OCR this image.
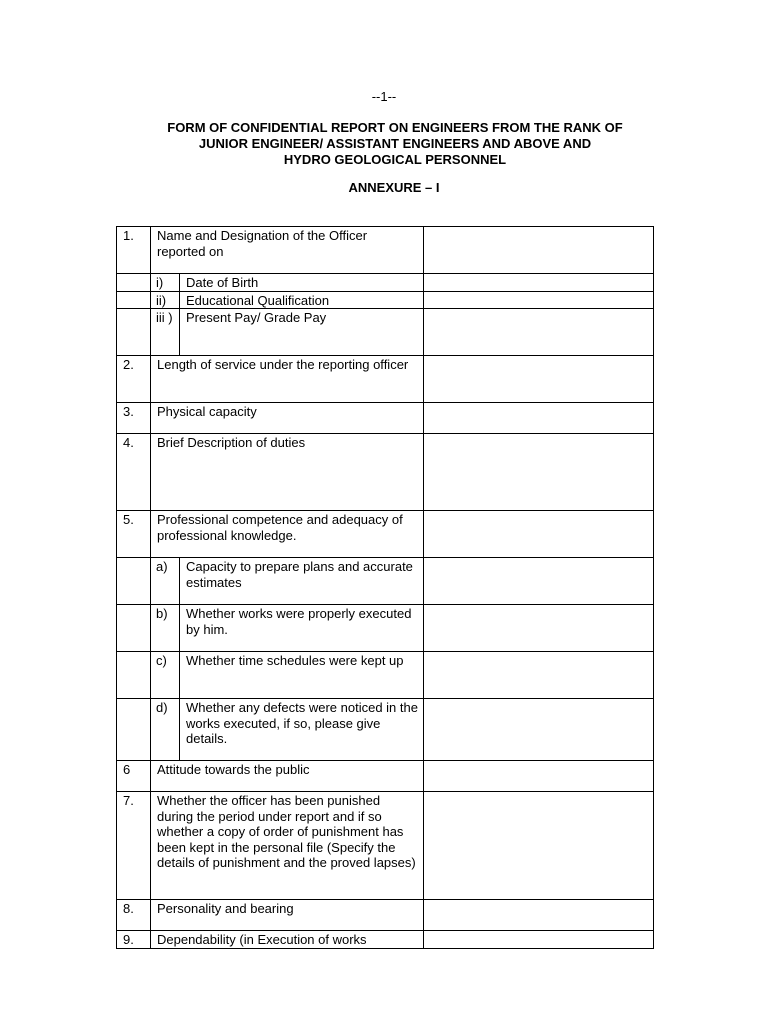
--1--
FORM OF CONFIDENTIAL REPORT ON ENGINEERS FROM THE RANK OF
JUNIOR ENGINEER/ ASSISTANT ENGINEERS AND ABOVE AND
HYDRO GEOLOGICAL PERSONNEL
ANNEXURE – I
1.	Name and Designation of the Officer reported on		
	i)	Date of Birth	
	ii)	Educational Qualification	
	iii )	Present Pay/ Grade Pay	
2.	Length of service under the reporting officer		
3.	Physical capacity		
4.	Brief Description of duties		
5.	Professional competence and adequacy of professional knowledge.		
	a)	Capacity to prepare plans and accurate estimates	
	b)	Whether works were properly executed by him.	
	c)	Whether time schedules were kept up	
	d)	Whether any defects were noticed in the works executed, if so, please give details.	
6	Attitude towards the public		
7.	Whether the officer has been punished during the period under report and if so whether a copy of order of punishment has been kept in the personal file (Specify the details of punishment and the proved lapses)		
8.	Personality and bearing		
9.	Dependability (in Execution of works		
